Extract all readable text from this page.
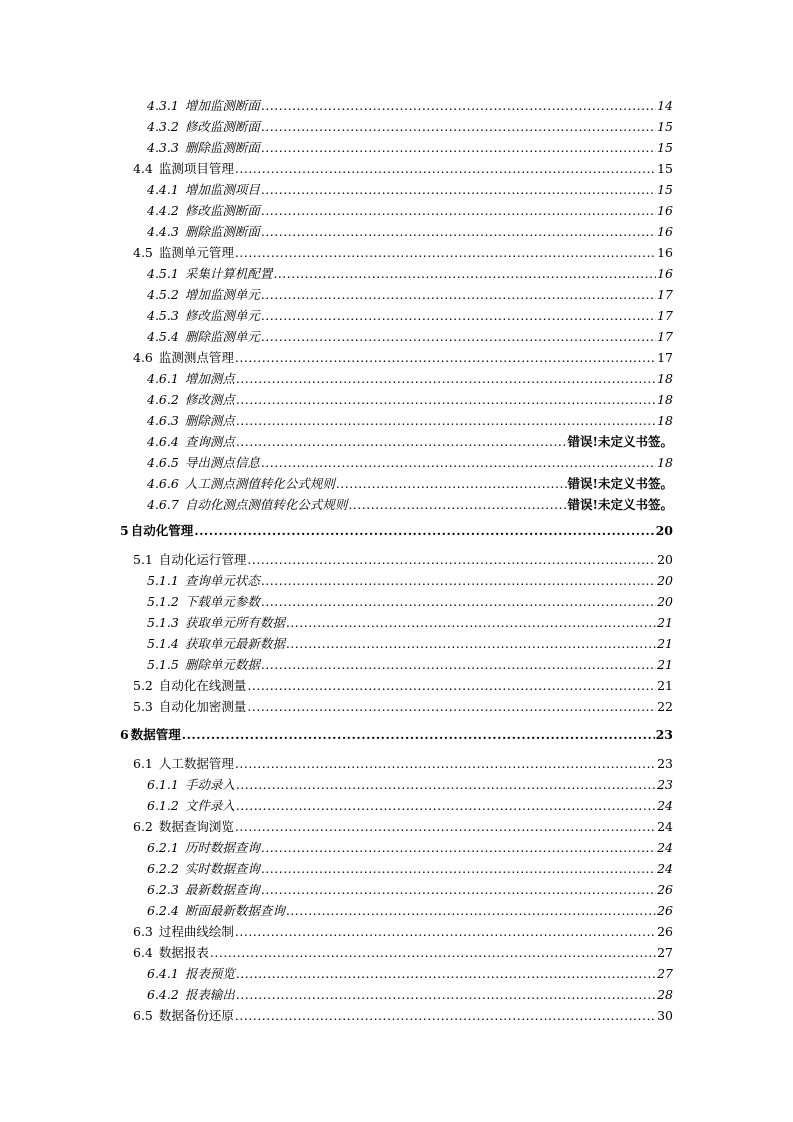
4.3.1 增加监测断面 .....	14
4.3.2 修改监测断面 .....	15
4.3.3 删除监测断面 .....	15
4.4 监测项目管理 .....	15
4.4.1 增加监测项目 .....	15
4.4.2 修改监测断面 .....	16
4.4.3 删除监测断面 .....	16
4.5 监测单元管理 .....	16
4.5.1 采集计算机配置 .....	16
4.5.2 增加监测单元 .....	17
4.5.3 修改监测单元 .....	17
4.5.4 删除监测单元 .....	17
4.6 监测测点管理 .....	17
4.6.1 增加测点 .....	18
4.6.2 修改测点 .....	18
4.6.3 删除测点 .....	18
4.6.4 查询测点 .....	错误!未定义书签。
4.6.5 导出测点信息 .....	18
4.6.6 人工测点测值转化公式规则 .....	错误!未定义书签。
4.6.7 自动化测点测值转化公式规则 .....	错误!未定义书签。
5 自动化管理 .....	20
5.1 自动化运行管理 .....	20
5.1.1 查询单元状态 .....	20
5.1.2 下载单元参数 .....	20
5.1.3 获取单元所有数据 .....	21
5.1.4 获取单元最新数据 .....	21
5.1.5 删除单元数据 .....	21
5.2 自动化在线测量 .....	21
5.3 自动化加密测量 .....	22
6 数据管理 .....	23
6.1 人工数据管理 .....	23
6.1.1 手动录入 .....	23
6.1.2 文件录入 .....	24
6.2 数据查询浏览 .....	24
6.2.1 历时数据查询 .....	24
6.2.2 实时数据查询 .....	24
6.2.3 最新数据查询 .....	26
6.2.4 断面最新数据查询 .....	26
6.3 过程曲线绘制 .....	26
6.4 数据报表 .....	27
6.4.1 报表预览 .....	27
6.4.2 报表输出 .....	28
6.5 数据备份还原 .....	30
